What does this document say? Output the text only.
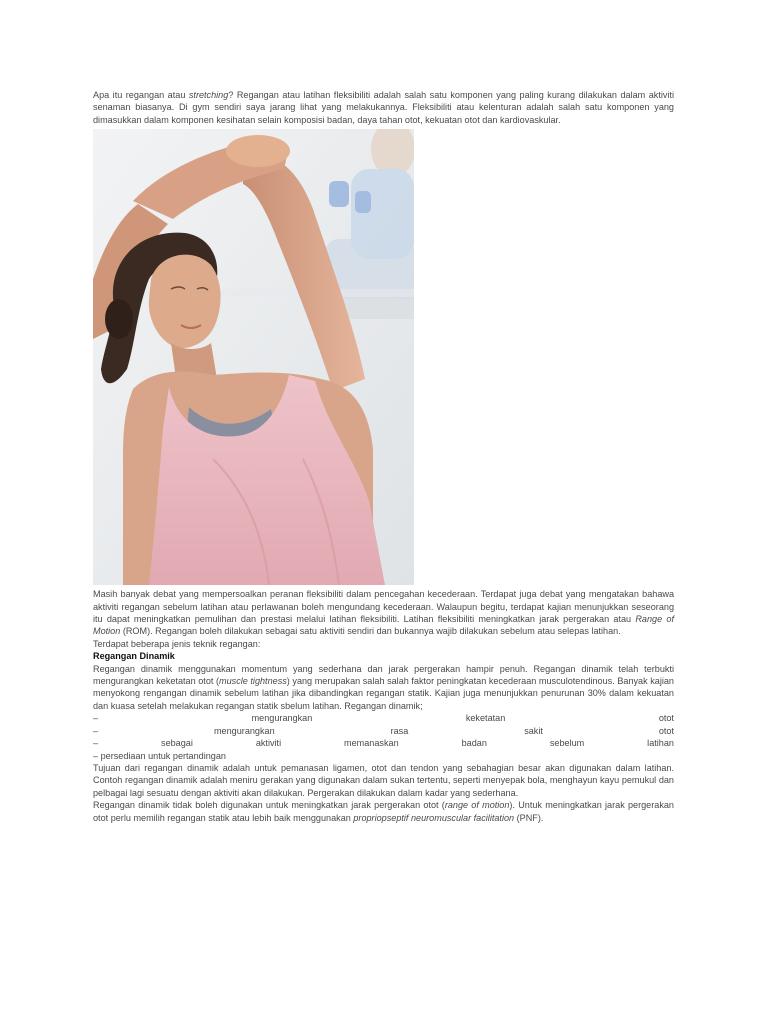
Apa itu regangan atau stretching? Regangan atau latihan fleksibiliti adalah salah satu komponen yang paling kurang dilakukan dalam aktiviti senaman biasanya. Di gym sendiri saya jarang lihat yang melakukannya. Fleksibiliti atau kelenturan adalah salah satu komponen yang dimasukkan dalam komponen kesihatan selain komposisi badan, daya tahan otot, kekuatan otot dan kardiovaskular.

Masih banyak debat yang mempersoalkan peranan fleksibiliti dalam pencegahan kecederaan. Terdapat juga debat yang mengatakan bahawa aktiviti regangan sebelum latihan atau perlawanan boleh mengundang kecederaan. Walaupun begitu, terdapat kajian menunjukkan seseorang itu dapat meningkatkan pemulihan dan prestasi melalui latihan fleksibiliti. Latihan fleksibiliti meningkatkan jarak pergerakan atau Range of Motion (ROM). Regangan boleh dilakukan sebagai satu aktiviti sendiri dan bukannya wajib dilakukan sebelum atau selepas latihan.

Terdapat beberapa jenis teknik regangan:

Regangan Dinamik

Regangan dinamik menggunakan momentum yang sederhana dan jarak pergerakan hampir penuh. Regangan dinamik telah terbukti mengurangkan keketatan otot (muscle tightness) yang merupakan salah salah faktor peningkatan kecederaan musculotendinous. Banyak kajian menyokong rengangan dinamik sebelum latihan jika dibandingkan regangan statik. Kajian juga menunjukkan penurunan 30% dalam kekuatan dan kuasa setelah melakukan regangan statik sbelum latihan. Regangan dinamik;

–	mengurangkan	keketatan	otot
–	mengurangkan	rasa	sakit	otot
–	sebagai	aktiviti	memanaskan	badan	sebelum	latihan

– persediaan untuk pertandingan

Tujuan dari regangan dinamik adalah untuk pemanasan ligamen, otot dan tendon yang sebahagian besar akan digunakan dalam latihan. Contoh regangan dinamik adalah meniru gerakan yang digunakan dalam sukan tertentu, seperti menyepak bola, menghayun kayu pemukul dan pelbagai lagi sesuatu dengan aktiviti akan dilakukan. Pergerakan dilakukan dalam kadar yang sederhana.

Regangan dinamik tidak boleh digunakan untuk meningkatkan jarak pergerakan otot (range of motion). Untuk meningkatkan jarak pergerakan otot perlu memilih regangan statik atau lebih baik menggunakan propriopseptif neuromuscular facilitation (PNF).
